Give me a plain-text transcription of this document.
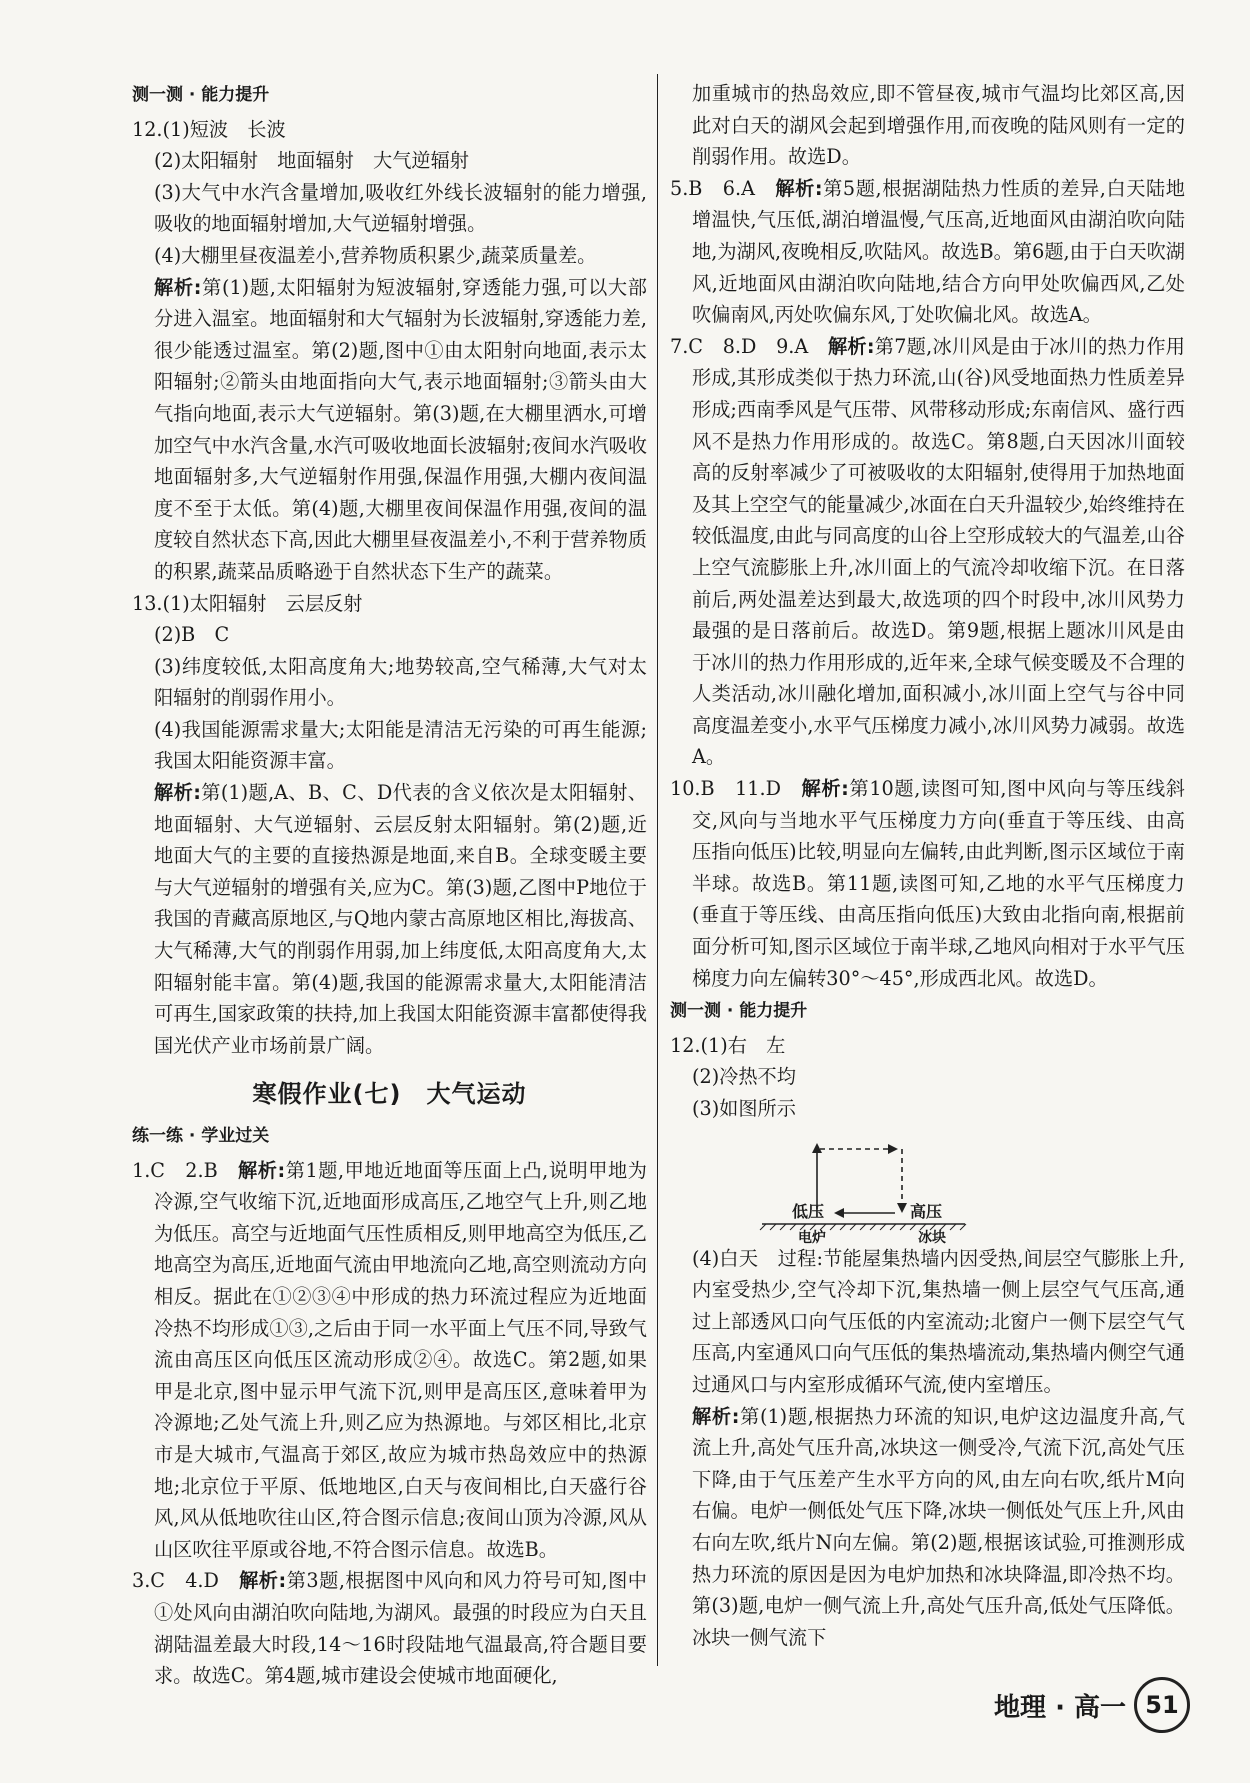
测一测 · 能力提升

12.(1)短波　长波

(2)太阳辐射　地面辐射　大气逆辐射

(3)大气中水汽含量增加,吸收红外线长波辐射的能力增强,吸收的地面辐射增加,大气逆辐射增强。

(4)大棚里昼夜温差小,营养物质积累少,蔬菜质量差。

解析:第(1)题,太阳辐射为短波辐射,穿透能力强,可以大部分进入温室。地面辐射和大气辐射为长波辐射,穿透能力差,很少能透过温室。第(2)题,图中①由太阳射向地面,表示太阳辐射;②箭头由地面指向大气,表示地面辐射;③箭头由大气指向地面,表示大气逆辐射。第(3)题,在大棚里洒水,可增加空气中水汽含量,水汽可吸收地面长波辐射;夜间水汽吸收地面辐射多,大气逆辐射作用强,保温作用强,大棚内夜间温度不至于太低。第(4)题,大棚里夜间保温作用强,夜间的温度较自然状态下高,因此大棚里昼夜温差小,不利于营养物质的积累,蔬菜品质略逊于自然状态下生产的蔬菜。

13.(1)太阳辐射　云层反射

(2)B　C

(3)纬度较低,太阳高度角大;地势较高,空气稀薄,大气对太阳辐射的削弱作用小。

(4)我国能源需求量大;太阳能是清洁无污染的可再生能源;我国太阳能资源丰富。

解析:第(1)题,A、B、C、D代表的含义依次是太阳辐射、地面辐射、大气逆辐射、云层反射太阳辐射。第(2)题,近地面大气的主要的直接热源是地面,来自B。全球变暖主要与大气逆辐射的增强有关,应为C。第(3)题,乙图中P地位于我国的青藏高原地区,与Q地内蒙古高原地区相比,海拔高、大气稀薄,大气的削弱作用弱,加上纬度低,太阳高度角大,太阳辐射能丰富。第(4)题,我国的能源需求量大,太阳能清洁可再生,国家政策的扶持,加上我国太阳能资源丰富都使得我国光伏产业市场前景广阔。

寒假作业(七)　大气运动
练一练 · 学业过关

1.C　2.B　解析:第1题,甲地近地面等压面上凸,说明甲地为冷源,空气收缩下沉,近地面形成高压,乙地空气上升,则乙地为低压。高空与近地面气压性质相反,则甲地高空为低压,乙地高空为高压,近地面气流由甲地流向乙地,高空则流动方向相反。据此在①②③④中形成的热力环流过程应为近地面冷热不均形成①③,之后由于同一水平面上气压不同,导致气流由高压区向低压区流动形成②④。故选C。第2题,如果甲是北京,图中显示甲气流下沉,则甲是高压区,意味着甲为冷源地;乙处气流上升,则乙应为热源地。与郊区相比,北京市是大城市,气温高于郊区,故应为城市热岛效应中的热源地;北京位于平原、低地地区,白天与夜间相比,白天盛行谷风,风从低地吹往山区,符合图示信息;夜间山顶为冷源,风从山区吹往平原或谷地,不符合图示信息。故选B。

3.C　4.D　解析:第3题,根据图中风向和风力符号可知,图中①处风向由湖泊吹向陆地,为湖风。最强的时段应为白天且湖陆温差最大时段,14～16时段陆地气温最高,符合题目要求。故选C。第4题,城市建设会使城市地面硬化,

加重城市的热岛效应,即不管昼夜,城市气温均比郊区高,因此对白天的湖风会起到增强作用,而夜晚的陆风则有一定的削弱作用。故选D。

5.B　6.A　解析:第5题,根据湖陆热力性质的差异,白天陆地增温快,气压低,湖泊增温慢,气压高,近地面风由湖泊吹向陆地,为湖风,夜晚相反,吹陆风。故选B。第6题,由于白天吹湖风,近地面风由湖泊吹向陆地,结合方向甲处吹偏西风,乙处吹偏南风,丙处吹偏东风,丁处吹偏北风。故选A。

7.C　8.D　9.A　解析:第7题,冰川风是由于冰川的热力作用形成,其形成类似于热力环流,山(谷)风受地面热力性质差异形成;西南季风是气压带、风带移动形成;东南信风、盛行西风不是热力作用形成的。故选C。第8题,白天因冰川面较高的反射率减少了可被吸收的太阳辐射,使得用于加热地面及其上空空气的能量减少,冰面在白天升温较少,始终维持在较低温度,由此与同高度的山谷上空形成较大的气温差,山谷上空气流膨胀上升,冰川面上的气流冷却收缩下沉。在日落前后,两处温差达到最大,故选项的四个时段中,冰川风势力最强的是日落前后。故选D。第9题,根据上题冰川风是由于冰川的热力作用形成的,近年来,全球气候变暖及不合理的人类活动,冰川融化增加,面积减小,冰川面上空气与谷中同高度温差变小,水平气压梯度力减小,冰川风势力减弱。故选A。

10.B　11.D　解析:第10题,读图可知,图中风向与等压线斜交,风向与当地水平气压梯度力方向(垂直于等压线、由高压指向低压)比较,明显向左偏转,由此判断,图示区域位于南半球。故选B。第11题,读图可知,乙地的水平气压梯度力(垂直于等压线、由高压指向低压)大致由北指向南,根据前面分析可知,图示区域位于南半球,乙地风向相对于水平气压梯度力向左偏转30°～45°,形成西北风。故选D。

测一测 · 能力提升

12.(1)右　左

(2)冷热不均

(3)如图所示

低压	高压
电炉	冰块

(4)白天　过程:节能屋集热墙内因受热,间层空气膨胀上升,内室受热少,空气冷却下沉,集热墙一侧上层空气气压高,通过上部透风口向气压低的内室流动;北窗户一侧下层空气气压高,内室通风口向气压低的集热墙流动,集热墙内侧空气通过通风口与内室形成循环气流,使内室增压。

解析:第(1)题,根据热力环流的知识,电炉这边温度升高,气流上升,高处气压升高,冰块这一侧受冷,气流下沉,高处气压下降,由于气压差产生水平方向的风,由左向右吹,纸片M向右偏。电炉一侧低处气压下降,冰块一侧低处气压上升,风由右向左吹,纸片N向左偏。第(2)题,根据该试验,可推测形成热力环流的原因是因为电炉加热和冰块降温,即冷热不均。第(3)题,电炉一侧气流上升,高处气压升高,低处气压降低。冰块一侧气流下

地理 · 高一 51
